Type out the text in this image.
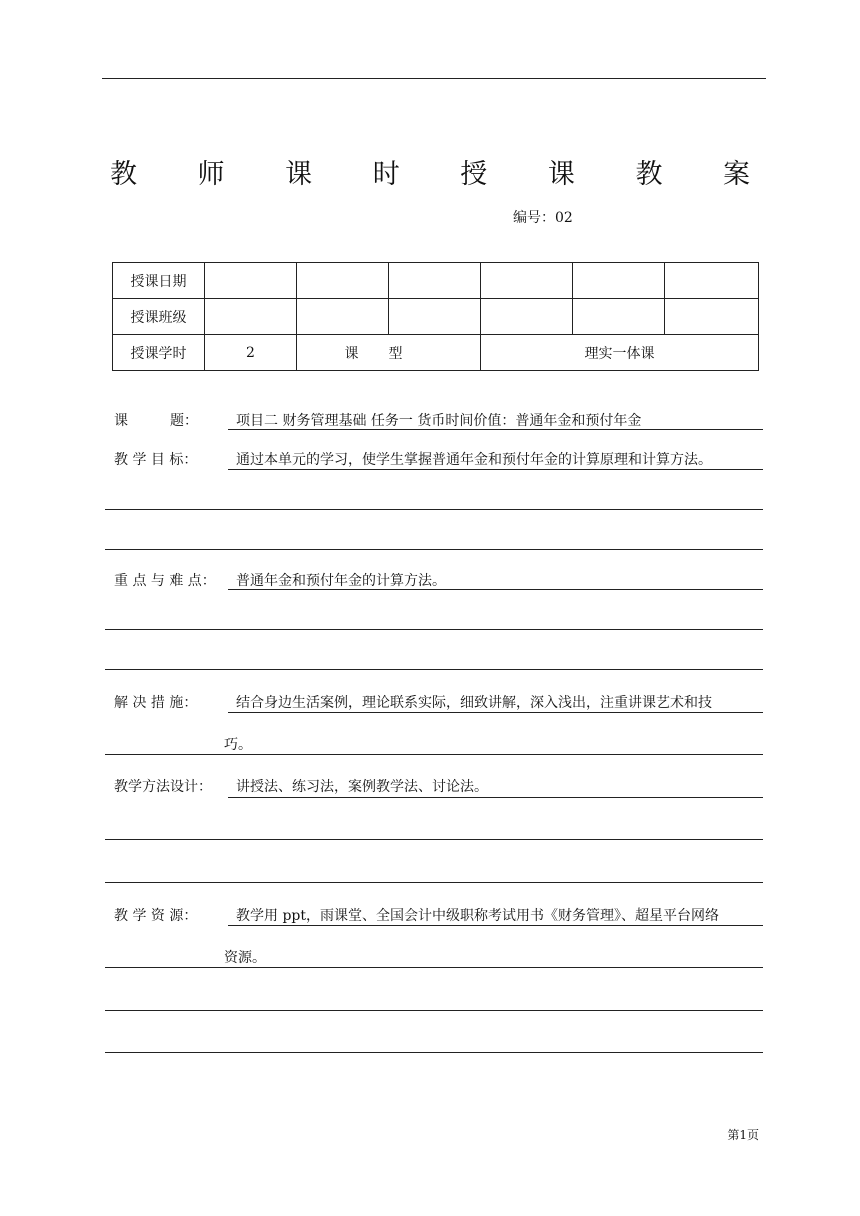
教 师 课 时 授 课 教 案
编号：02
授课日期						
授课班级						
授课学时	2	课型		理实一体课		
课　　　题：	项目二 财务管理基础 任务一 货币时间价值：普通年金和预付年金
教 学 目 标：	通过本单元的学习，使学生掌握普通年金和预付年金的计算原理和计算方法。
重 点 与 难 点： 普通年金和预付年金的计算方法。
解 决 措 施：	结合身边生活案例，理论联系实际，细致讲解，深入浅出，注重讲课艺术和技
巧。
教学方法设计： 讲授法、练习法，案例教学法、讨论法。
教 学 资 源：	教学用 ppt，雨课堂、全国会计中级职称考试用书《财务管理》、超星平台网络
资源。
第1页
